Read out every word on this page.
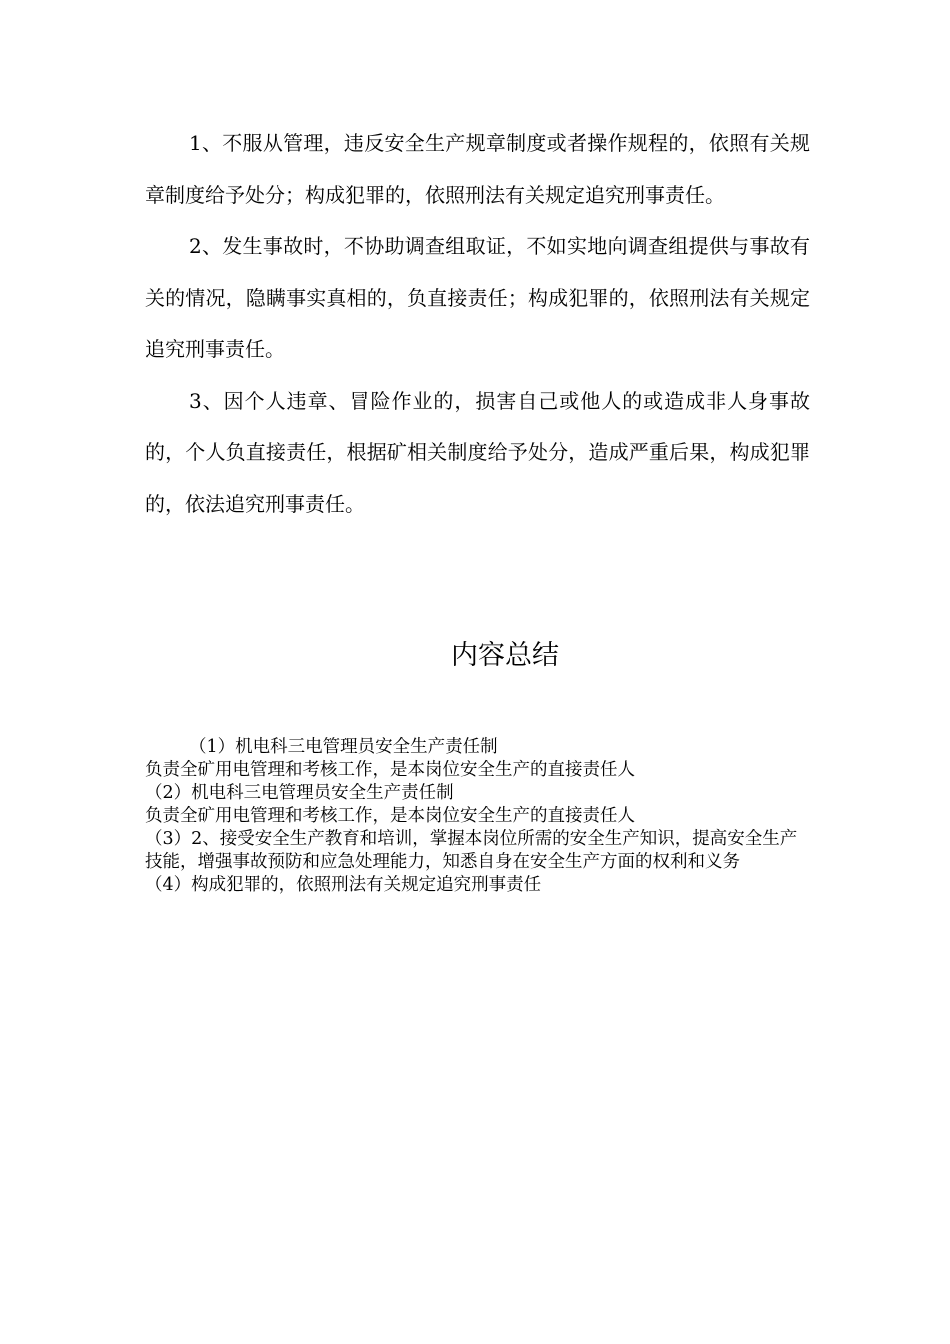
1、不服从管理，违反安全生产规章制度或者操作规程的，依照有关规章制度给予处分；构成犯罪的，依照刑法有关规定追究刑事责任。

2、发生事故时，不协助调查组取证，不如实地向调查组提供与事故有关的情况，隐瞒事实真相的，负直接责任；构成犯罪的，依照刑法有关规定追究刑事责任。

3、因个人违章、冒险作业的，损害自己或他人的或造成非人身事故的，个人负直接责任，根据矿相关制度给予处分，造成严重后果，构成犯罪的，依法追究刑事责任。

内容总结

（1）机电科三电管理员安全生产责任制

负责全矿用电管理和考核工作，是本岗位安全生产的直接责任人

（2）机电科三电管理员安全生产责任制

负责全矿用电管理和考核工作，是本岗位安全生产的直接责任人

（3）2、接受安全生产教育和培训，掌握本岗位所需的安全生产知识，提高安全生产技能，增强事故预防和应急处理能力，知悉自身在安全生产方面的权利和义务

（4）构成犯罪的，依照刑法有关规定追究刑事责任
